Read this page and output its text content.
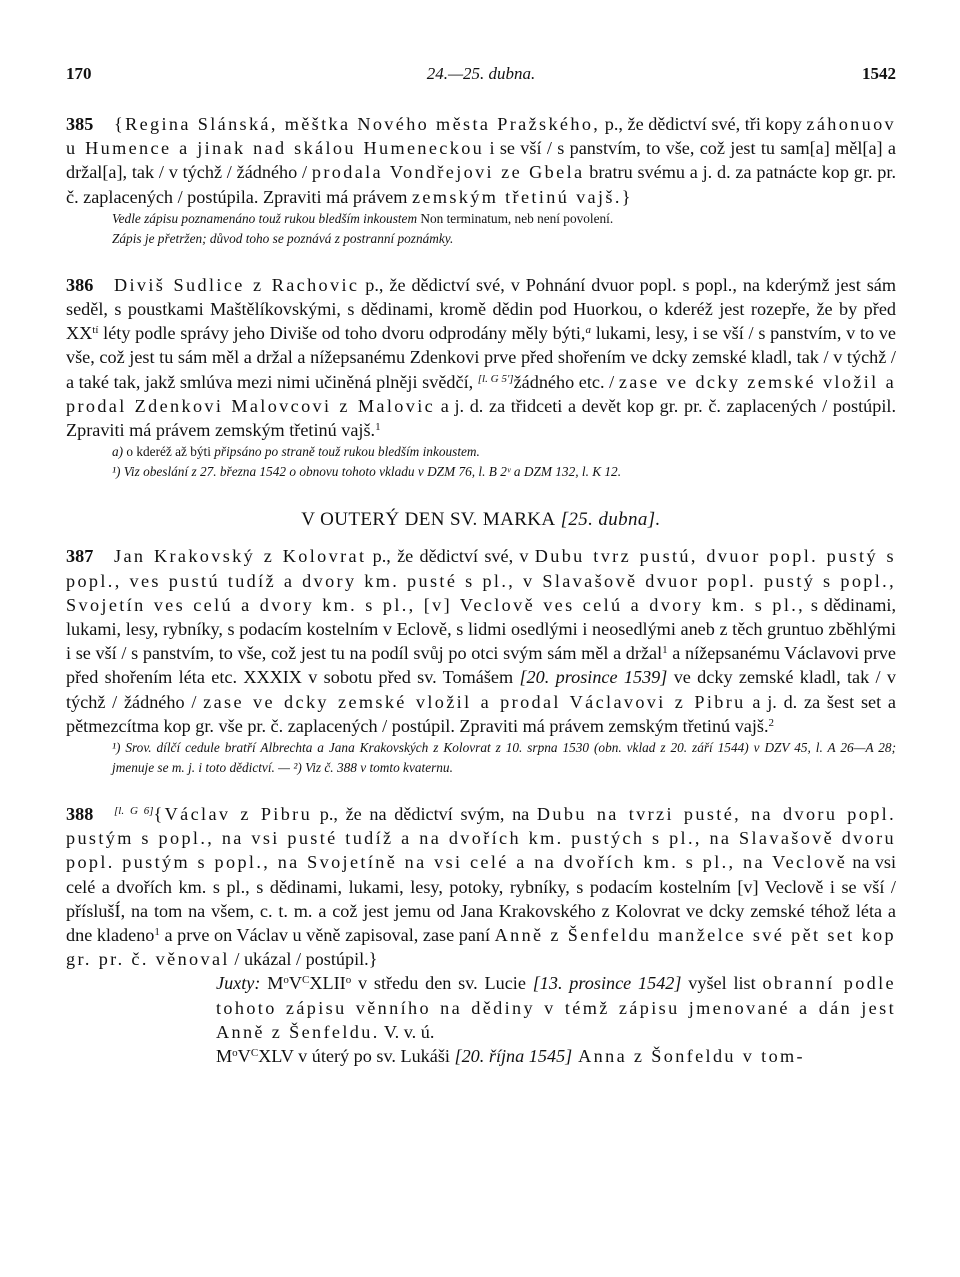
170	24.—25. dubna.	1542
385 {Regina Slánská, měštka Nového města Pražského, p., že dědictví své, tři kopy záhonuov u Humence a jinak nad skálou Humeneckou i se vší / s panstvím, to vše, což jest tu sam[a] měl[a] a držal[a], tak / v týchž / žádného / prodala Vondřejovi ze Gbela bratru svému a j. d. za patnácte kop gr. pr. č. zaplacených / postúpila. Zpraviti má právem zemským třetinú vajš.}
Vedle zápisu poznamenáno touž rukou bledším inkoustem Non terminatum, neb není povolení.
Zápis je přetržen; důvod toho se poznává z postranní poznámky.
386 Diviš Sudlice z Rachovic p., že dědictví své, v Pohnání dvuor popl. s popl., na kderýmž jest sám seděl, s poustkami Maštělíkovskými, s dědinami, kromě dědin pod Huorkou, o kderéž jest rozepře, že by před $XX^{tí}$ léty podle správy jeho Diviše od toho dvoru odprodány měly býti,$^a$ lukami, lesy, i se vší / s panstvím, v to ve vše, což jest tu sám měl a držal a nížepsanému Zdenkovi prve před shořením ve dcky zemské kladl, tak / v týchž / a také tak, jakž smlúva mezi nimi učiněná plněji svědčí, [l. G 5']žádného etc. / zase ve dcky zemské vložil a prodal Zdenkovi Malovcovi z Malovic a j. d. za třidceti a devět kop gr. pr. č. zaplacených / postúpil. Zpraviti má právem zemským třetinú vajš.$^1$
a) o kderéž až býti připsáno po straně touž rukou bledším inkoustem.
¹) Viz obeslání z 27. března 1542 o obnovu tohoto vkladu v DZM 76, l. B 2ᵛ a DZM 132, l. K 12.
V OUTERÝ DEN SV. MARKA [25. dubna].
387 Jan Krakovský z Kolovrat p., že dědictví své, v Dubu tvrz pustú, dvuor popl. pustý s popl., ves pustú tudíž a dvory km. pusté s pl., v Slavašově dvuor popl. pustý s popl., Svojetín ves celú a dvory km. s pl., [v] Veclově ves celú a dvory km. s pl., s dědinami, lukami, lesy, rybníky, s podacím kostelním v Eclově, s lidmi osedlými i neosedlými aneb z těch gruntuo zběhlými i se vší / s panstvím, to vše, což jest tu na podíl svůj po otci svým sám měl a držal$^1$ a nížepsanému Václavovi prve před shořením léta etc. XXXIX v sobotu před sv. Tomášem [20. prosince 1539] ve dcky zemské kladl, tak / v týchž / žádného / zase ve dcky zemské vložil a prodal Václavovi z Pibru a j. d. za šest set a pětmezcítma kop gr. vše pr. č. zaplacených / postúpil. Zpraviti má právem zemským třetinú vajš.$^2$
¹) Srov. dílčí cedule bratří Albrechta a Jana Krakovských z Kolovrat z 10. srpna 1530 (obn. vklad z 20. září 1544) v DZV 45, l. A 26—A 28; jmenuje se m. j. i toto dědictví. — ²) Viz č. 388 v tomto kvaternu.
388 [l. G 6]{Václav z Pibru p., že na dědictví svým, na Dubu na tvrzi pusté, na dvoru popl. pustým s popl., na vsi pusté tudíž a na dvořích km. pustých s pl., na Slavašově dvoru popl. pustým s popl., na Svojetíně na vsi celé a na dvořích km. s pl., na Veclově na vsi celé a dvořích km. s pl., s dědinami, lukami, lesy, potoky, rybníky, s podacím kostelním [v] Veclově i se vší / příslušÍ, na tom na všem, c. t. m. a což jest jemu od Jana Krakovského z Kolovrat ve dcky zemské téhož léta a dne kladeno$^1$ a prve on Václav u věně zapisoval, zase paní Anně z Šenfeldu manželce své pět set kop gr. pr. č. věnoval / ukázal / postúpil.}
Juxty: $M^oV^CXLII^o$ v středu den sv. Lucie [13. prosince 1542] vyšel list obranní podle tohoto zápisu věnního na dědiny v témž zápisu jmenované a dán jest Anně z Šenfeldu. V. v. ú.
$M^oV^CXLV$ v úterý po sv. Lukáši [20. října 1545] Anna z Šonfeldu v tom-
